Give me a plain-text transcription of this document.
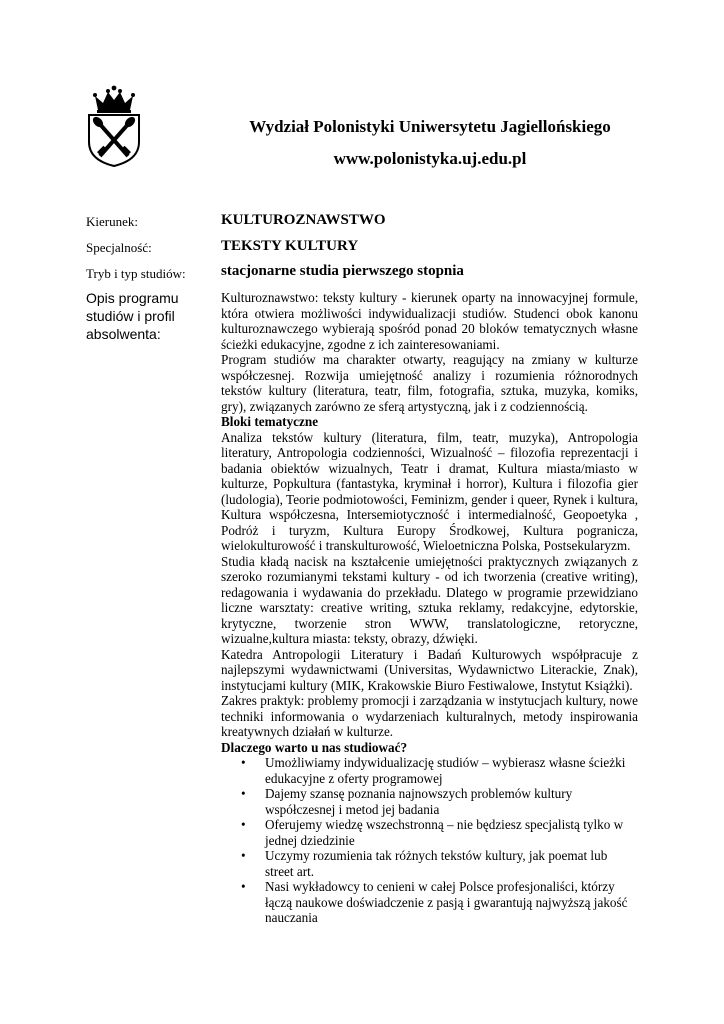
Wydział Polonistyki Uniwersytetu Jagiellońskiego
www.polonistyka.uj.edu.pl
Kierunek:	KULTUROZNAWSTWO
Specjalność:	TEKSTY KULTURY
Tryb i typ studiów: stacjonarne studia pierwszego stopnia
Opis programu studiów i profil absolwenta:

Kulturoznawstwo: teksty kultury - kierunek oparty na innowacyjnej formule, która otwiera możliwości indywidualizacji studiów. Studenci obok kanonu kulturoznawczego wybierają spośród ponad 20 bloków tematycznych własne ścieżki edukacyjne, zgodne z ich zainteresowaniami.

Program studiów ma charakter otwarty, reagujący na zmiany w kulturze współczesnej. Rozwija umiejętność analizy i rozumienia różnorodnych tekstów kultury (literatura, teatr, film, fotografia, sztuka, muzyka, komiks, gry), związanych zarówno ze sferą artystyczną, jak i z codziennością.

Bloki tematyczne

Analiza tekstów kultury (literatura, film, teatr, muzyka), Antropologia literatury, Antropologia codzienności, Wizualność – filozofia reprezentacji i badania obiektów wizualnych, Teatr i dramat, Kultura miasta/miasto w kulturze, Popkultura (fantastyka, kryminał i horror), Kultura i filozofia gier (ludologia), Teorie podmiotowości, Feminizm, gender i queer, Rynek i kultura, Kultura współczesna, Intersemiotyczność i intermedialność, Geopoetyka , Podróż i turyzm, Kultura Europy Środkowej, Kultura pogranicza, wielokulturowość i transkulturowość, Wieloetniczna Polska, Postsekularyzm.

Studia kładą nacisk na kształcenie umiejętności praktycznych związanych z szeroko rozumianymi tekstami kultury - od ich tworzenia (creative writing), redagowania i wydawania do przekładu. Dlatego w programie przewidziano liczne warsztaty: creative writing, sztuka reklamy, redakcyjne, edytorskie, krytyczne, tworzenie stron WWW, translatologiczne, retoryczne, wizualne,kultura miasta: teksty, obrazy, dźwięki.

Katedra Antropologii Literatury i Badań Kulturowych współpracuje z najlepszymi wydawnictwami (Universitas, Wydawnictwo Literackie, Znak), instytucjami kultury (MIK, Krakowskie Biuro Festiwalowe, Instytut Książki).

Zakres praktyk: problemy promocji i zarządzania w instytucjach kultury, nowe techniki informowania o wydarzeniach kulturalnych, metody inspirowania kreatywnych działań w kulturze.

Dlaczego warto u nas studiować?
• Umożliwiamy indywidualizację studiów – wybierasz własne ścieżki edukacyjne z oferty programowej
• Dajemy szansę poznania najnowszych problemów kultury współczesnej i metod jej badania
• Oferujemy wiedzę wszechstronną – nie będziesz specjalistą tylko w jednej dziedzinie
• Uczymy rozumienia tak różnych tekstów kultury, jak poemat lub street art.
• Nasi wykładowcy to cenieni w całej Polsce profesjonaliści, którzy łączą naukowe doświadczenie z pasją i gwarantują najwyższą jakość nauczania
